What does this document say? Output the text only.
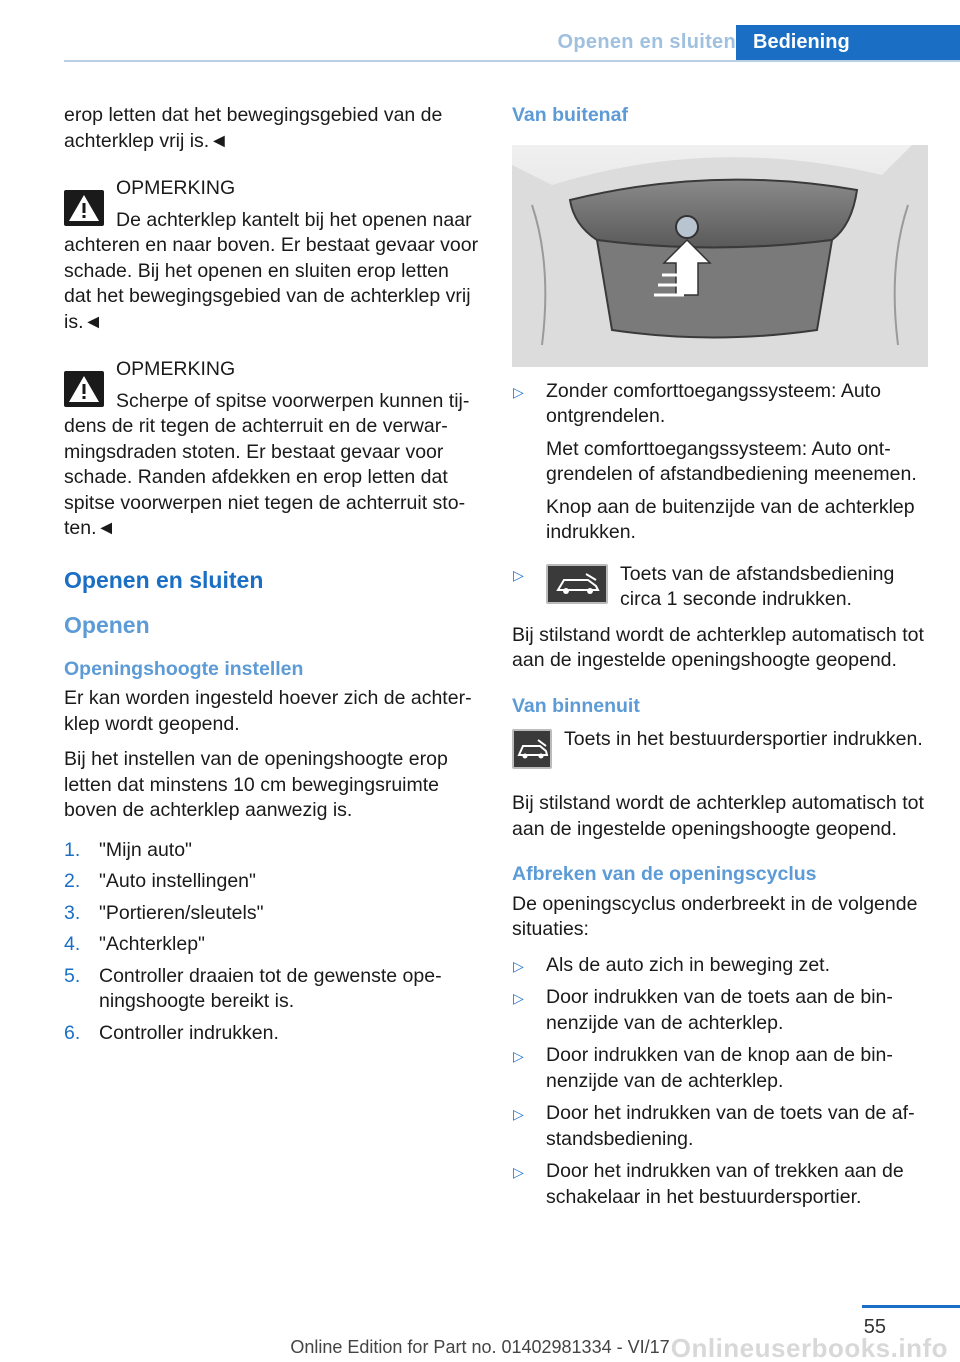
Openen en sluiten Bediening

erop letten dat het bewegingsgebied van de achterklep vrij is.◄

OPMERKING

De achterklep kantelt bij het openen naar achteren en naar boven. Er bestaat gevaar voor schade. Bij het openen en sluiten erop letten dat het bewegingsgebied van de achterklep vrij is.◄

OPMERKING

Scherpe of spitse voorwerpen kunnen tijdens de rit tegen de achterruit en de verwarmingsdraden stoten. Er bestaat gevaar voor schade. Randen afdekken en erop letten dat spitse voorwerpen niet tegen de achterruit stoten.◄

Openen en sluiten

Openen

Openingshoogte instellen

Er kan worden ingesteld hoever zich de achterklep wordt geopend.

Bij het instellen van de openingshoogte erop letten dat minstens 10 cm bewegingsruimte boven de achterklep aanwezig is.

1. "Mijn auto"
2. "Auto instellingen"
3. "Portieren/sleutels"
4. "Achterklep"
5. Controller draaien tot de gewenste openingshoogte bereikt is.
6. Controller indrukken.

Van buitenaf

▷ Zonder comforttoegangssysteem: Auto ontgrendelen.

Met comforttoegangssysteem: Auto ontgrendelen of afstandbediening meenemen.

Knop aan de buitenzijde van de achterklep indrukken.

▷	Toets van de afstandsbediening circa 1 seconde indrukken.

Bij stilstand wordt de achterklep automatisch tot aan de ingestelde openingshoogte geopend.

Van binnenuit

Toets in het bestuurdersportier indrukken.

Bij stilstand wordt de achterklep automatisch tot aan de ingestelde openingshoogte geopend.

Afbreken van de openingscyclus

De openingscyclus onderbreekt in de volgende situaties:

▷ Als de auto zich in beweging zet.
▷ Door indrukken van de toets aan de binnenzijde van de achterklep.
▷ Door indrukken van de knop aan de binnenzijde van de achterklep.
▷ Door het indrukken van de toets van de afstandsbediening.
▷ Door het indrukken van of trekken aan de schakelaar in het bestuurdersportier.
55
Onlineuserbooks.info
Online Edition for Part no. 01402981334 - VI/17
